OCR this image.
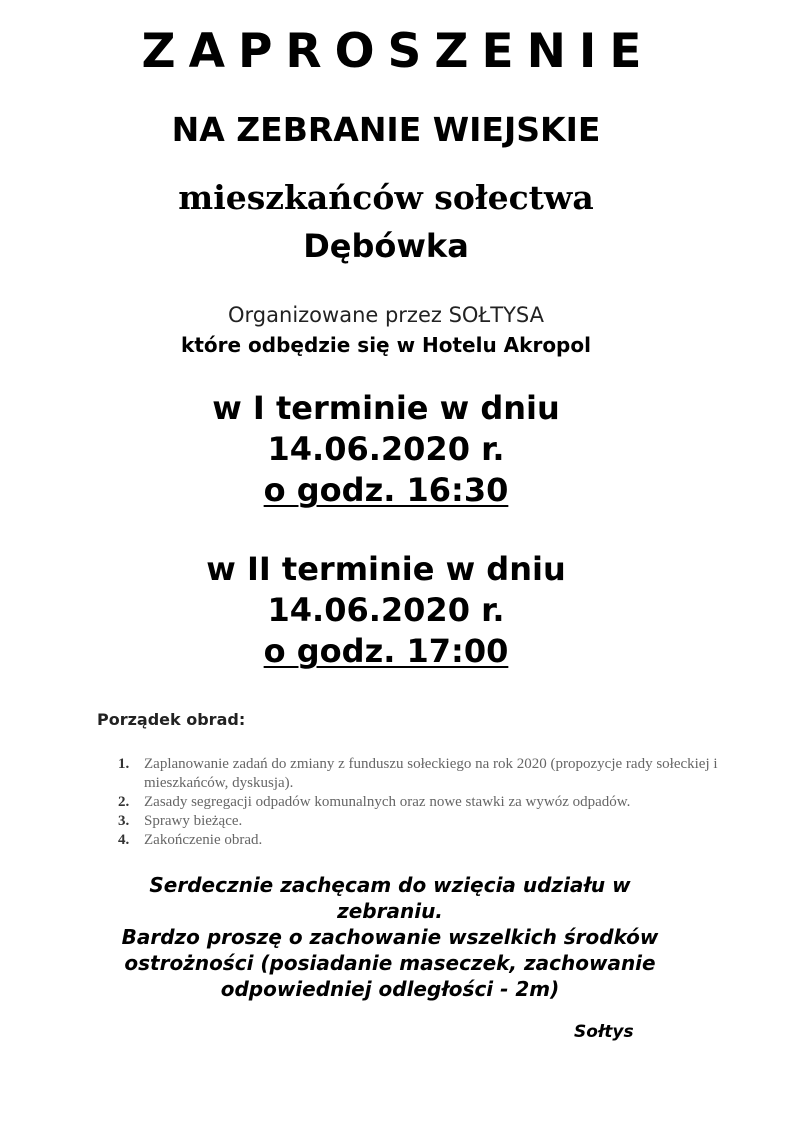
ZAPROSZENIE
NA ZEBRANIE WIEJSKIE
mieszkańców sołectwa
Dębówka
Organizowane przez SOŁTYSA
które odbędzie się w Hotelu Akropol
w I terminie w dniu
14.06.2020 r.
o godz. 16:30
w II terminie w dniu
14.06.2020 r.
o godz. 17:00
Porządek obrad:
1. Zaplanowanie zadań do zmiany z funduszu sołeckiego na rok 2020 (propozycje rady sołeckiej i mieszkańców, dyskusja).
2. Zasady segregacji odpadów komunalnych oraz nowe stawki za wywóz odpadów.
3. Sprawy bieżące.
4. Zakończenie obrad.
Serdecznie zachęcam do wzięcia udziału w
zebraniu.
Bardzo proszę o zachowanie wszelkich środków
ostrożności (posiadanie maseczek, zachowanie
odpowiedniej odległości - 2m)
Sołtys
